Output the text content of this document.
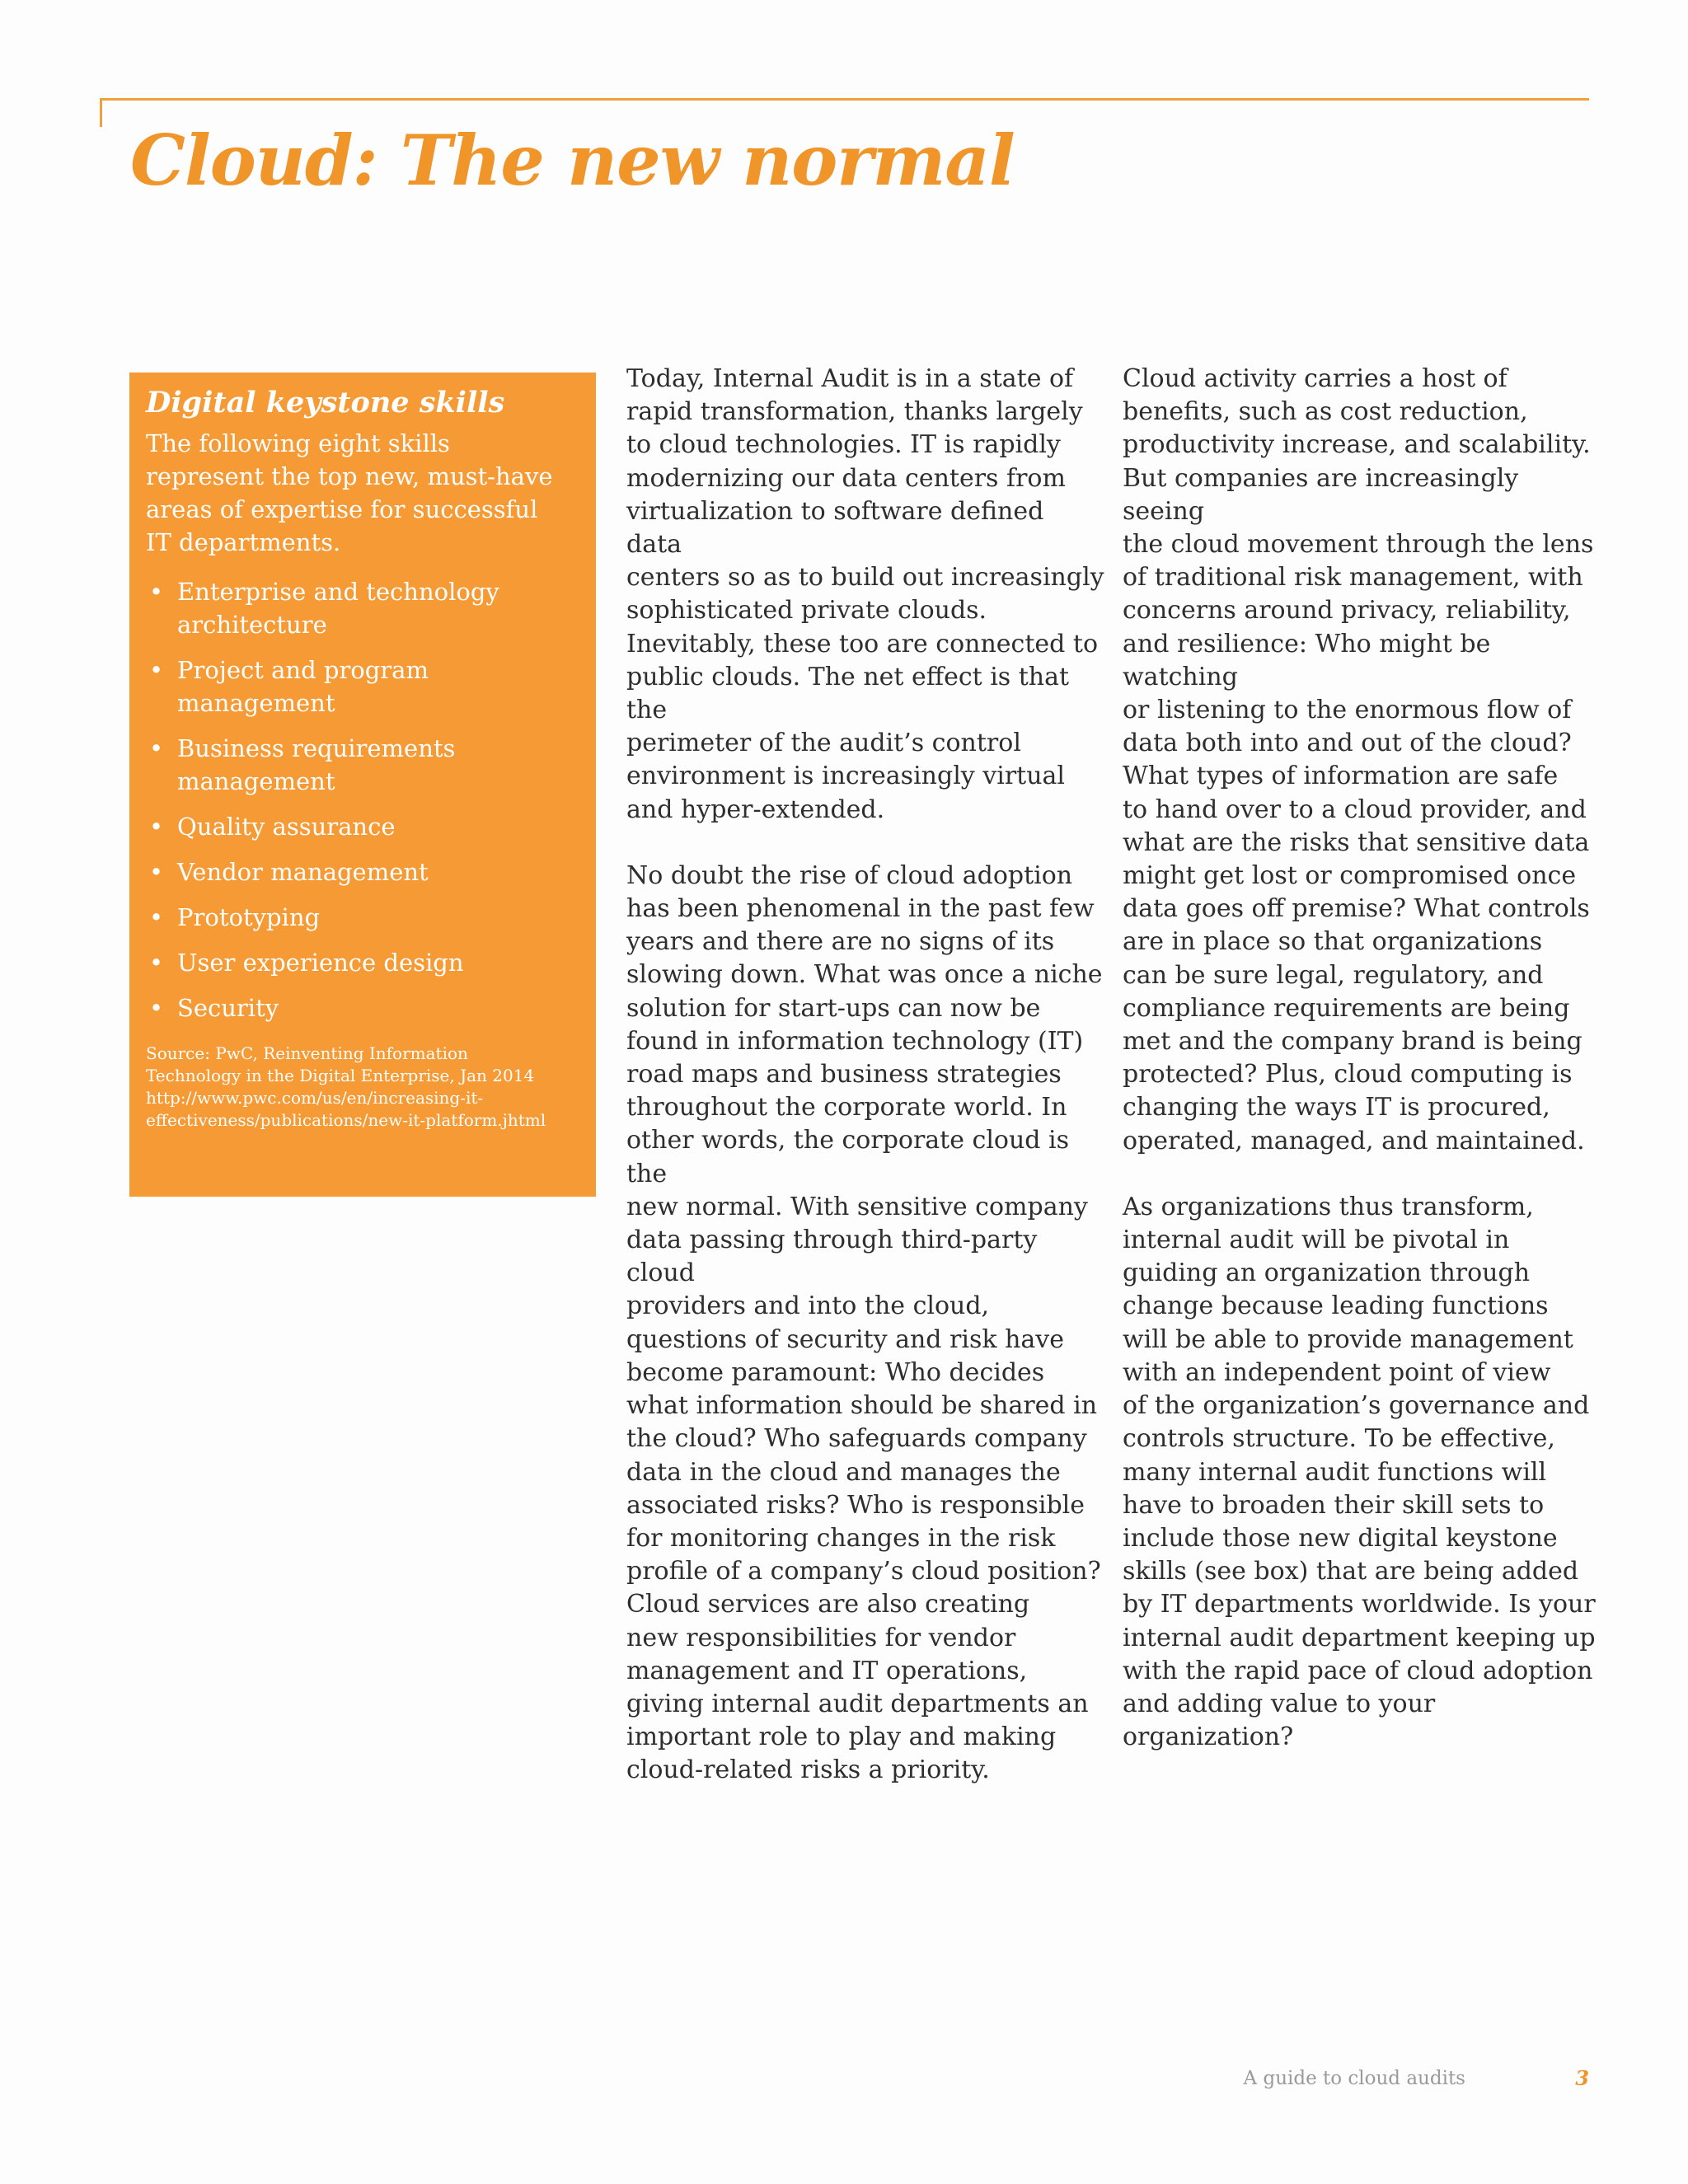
Cloud: The new normal
Digital keystone skills

The following eight skills
represent the top new, must-have
areas of expertise for successful
IT departments.

• Enterprise and technology architecture
• Project and program management
• Business requirements management
• Quality assurance
• Vendor management
• Prototyping
• User experience design
• Security

Source: PwC, Reinventing Information
Technology in the Digital Enterprise, Jan 2014
http://www.pwc.com/us/en/increasing-it-
effectiveness/publications/new-it-platform.jhtml

Today, Internal Audit is in a state of
rapid transformation, thanks largely
to cloud technologies. IT is rapidly
modernizing our data centers from
virtualization to software defined data
centers so as to build out increasingly
sophisticated private clouds.
Inevitably, these too are connected to
public clouds. The net effect is that the
perimeter of the audit’s control
environment is increasingly virtual
and hyper-extended.

No doubt the rise of cloud adoption
has been phenomenal in the past few
years and there are no signs of its
slowing down. What was once a niche
solution for start-ups can now be
found in information technology (IT)
road maps and business strategies
throughout the corporate world. In
other words, the corporate cloud is the
new normal. With sensitive company
data passing through third-party cloud
providers and into the cloud,
questions of security and risk have
become paramount: Who decides
what information should be shared in
the cloud? Who safeguards company
data in the cloud and manages the
associated risks? Who is responsible
for monitoring changes in the risk
profile of a company’s cloud position?
Cloud services are also creating
new responsibilities for vendor
management and IT operations,
giving internal audit departments an
important role to play and making
cloud-related risks a priority.

Cloud activity carries a host of
benefits, such as cost reduction,
productivity increase, and scalability.
But companies are increasingly seeing
the cloud movement through the lens
of traditional risk management, with
concerns around privacy, reliability,
and resilience: Who might be watching
or listening to the enormous flow of
data both into and out of the cloud?
What types of information are safe
to hand over to a cloud provider, and
what are the risks that sensitive data
might get lost or compromised once
data goes off premise? What controls
are in place so that organizations
can be sure legal, regulatory, and
compliance requirements are being
met and the company brand is being
protected? Plus, cloud computing is
changing the ways IT is procured,
operated, managed, and maintained.

As organizations thus transform,
internal audit will be pivotal in
guiding an organization through
change because leading functions
will be able to provide management
with an independent point of view
of the organization’s governance and
controls structure. To be effective,
many internal audit functions will
have to broaden their skill sets to
include those new digital keystone
skills (see box) that are being added
by IT departments worldwide. Is your
internal audit department keeping up
with the rapid pace of cloud adoption
and adding value to your organization?

A guide to cloud audits	3
